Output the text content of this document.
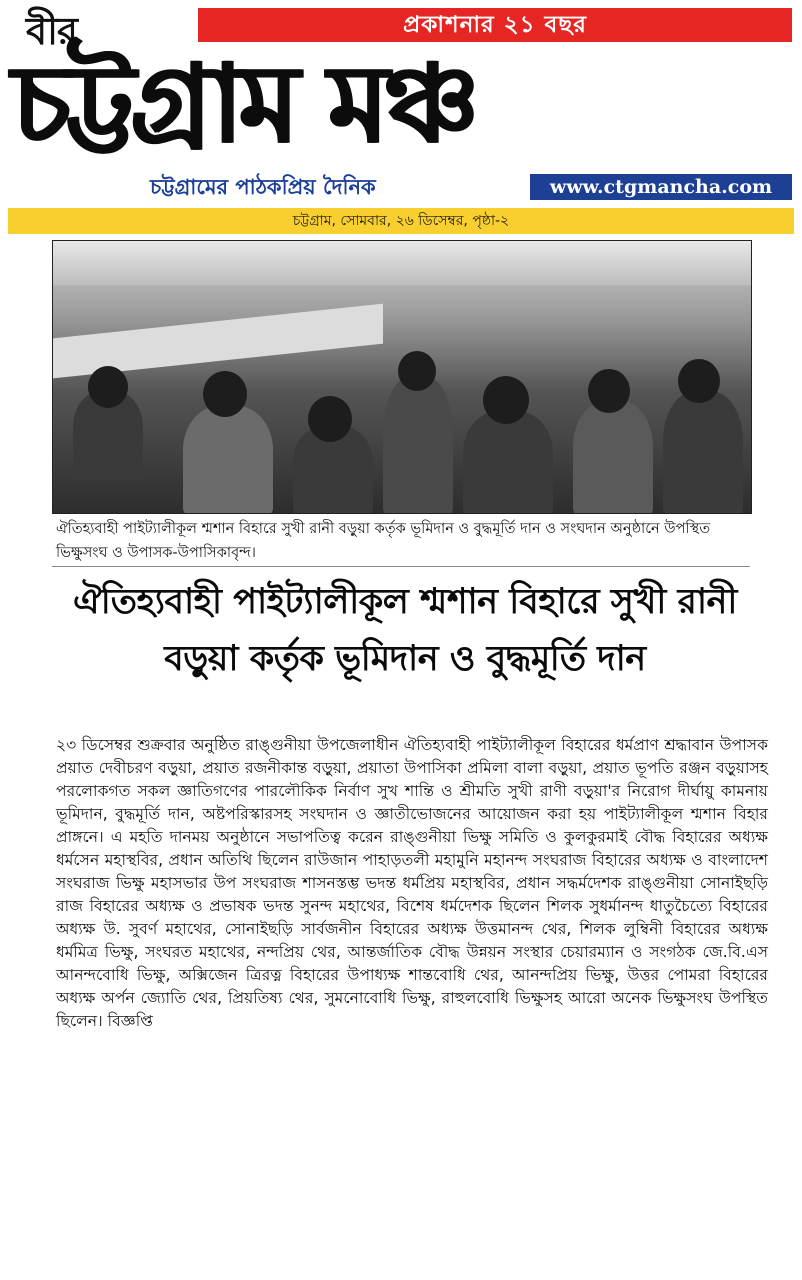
বীর	প্রকাশনার ২১ বছর
চট্টগ্রাম মঞ্চ
চট্টগ্রামের পাঠকপ্রিয় দৈনিক	www.ctgmancha.com
চট্টগ্রাম, সোমবার, ২৬ ডিসেম্বর, পৃষ্ঠা-২
ঐতিহ্যবাহী পাইট্যালীকূল শ্মশান বিহারে সুখী রানী বড়ুয়া কর্তৃক ভূমিদান ও বুদ্ধমূর্তি দান ও সংঘদান অনুষ্ঠানে উপস্থিত ভিক্ষুসংঘ ও উপাসক-উপাসিকাবৃন্দ।
ঐতিহ্যবাহী পাইট্যালীকূল শ্মশান বিহারে সুখী রানী বড়ুয়া কর্তৃক ভূমিদান ও বুদ্ধমূর্তি দান
২৩ ডিসেম্বর শুক্রবার অনুষ্ঠিত রাঙ্গুনীয়া উপজেলাধীন ঐতিহ্যবাহী পাইট্যালীকূল বিহারের ধর্মপ্রাণ শ্রদ্ধাবান উপাসক প্রয়াত দেবীচরণ বড়ুয়া, প্রয়াত রজনীকান্ত বড়ুয়া, প্রয়াতা উপাসিকা প্রমিলা বালা বড়ুয়া, প্রয়াত ভূপতি রঞ্জন বড়ুয়াসহ পরলোকগত সকল জ্ঞাতিগণের পারলৌকিক নির্বাণ সুখ শান্তি ও শ্রীমতি সুখী রাণী বড়ুয়া'র নিরোগ দীর্ঘায়ু কামনায় ভূমিদান, বুদ্ধমূর্তি দান, অষ্টপরিস্কারসহ সংঘদান ও জ্ঞাতীভোজনের আয়োজন করা হয় পাইট্যালীকূল শ্মশান বিহার প্রাঙ্গনে। এ মহতি দানময় অনুষ্ঠানে সভাপতিত্ব করেন রাঙ্গুনীয়া ভিক্ষু সমিতি ও কুলকুরমাই বৌদ্ধ বিহারের অধ্যক্ষ ধর্মসেন মহাস্থবির, প্রধান অতিথি ছিলেন রাউজান পাহাড়তলী মহামুনি মহানন্দ সংঘরাজ বিহারের অধ্যক্ষ ও বাংলাদেশ সংঘরাজ ভিক্ষু মহাসভার উপ সংঘরাজ শাসনস্তম্ভ ভদন্ত ধর্মপ্রিয় মহাস্থবির, প্রধান সদ্ধর্মদেশক রাঙ্গুনীয়া সোনাইছড়ি রাজ বিহারের অধ্যক্ষ ও প্রভাষক ভদন্ত সুনন্দ মহাথের, বিশেষ ধর্মদেশক ছিলেন শিলক সুধর্মানন্দ ধাতুচৈত্যে বিহারের অধ্যক্ষ উ. সুবর্ণ মহাথের, সোনাইছড়ি সার্বজনীন বিহারের অধ্যক্ষ উত্তমানন্দ থের, শিলক লুম্বিনী বিহারের অধ্যক্ষ ধর্মমিত্র ভিক্ষু, সংঘরত মহাথের, নন্দপ্রিয় থের, আন্তর্জাতিক বৌদ্ধ উন্নয়ন সংস্থার চেয়ারম্যান ও সংগঠক জে.বি.এস আনন্দবোধি ভিক্ষু, অক্সিজেন ত্রিরত্ন বিহারের উপাধ্যক্ষ শান্তবোধি থের, আনন্দপ্রিয় ভিক্ষু, উত্তর পোমরা বিহারের অধ্যক্ষ অর্পন জ্যোতি থের, প্রিয়তিষ্য থের, সুমনোবোধি ভিক্ষু, রাহুলবোধি ভিক্ষুসহ আরো অনেক ভিক্ষুসংঘ উপস্থিত ছিলেন। বিজ্ঞপ্তি
